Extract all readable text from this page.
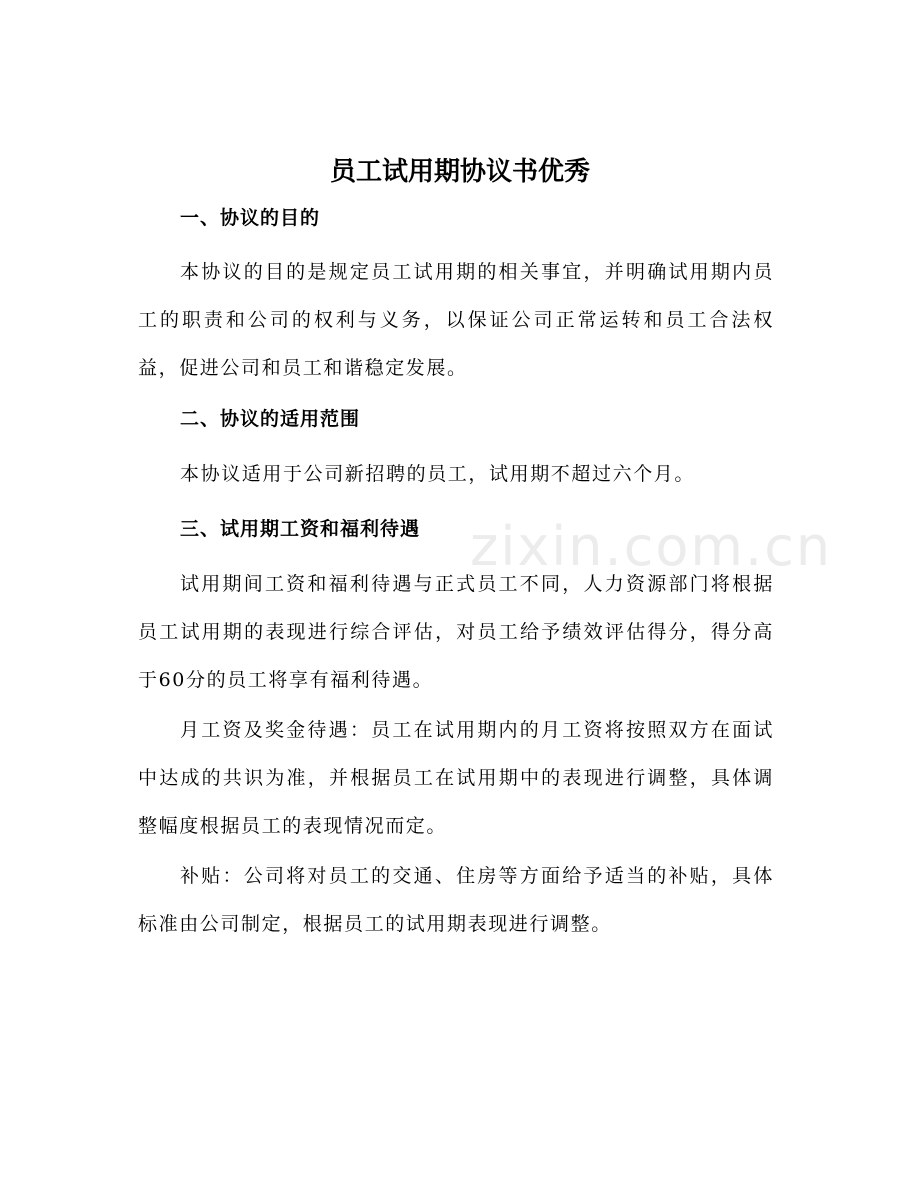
员工试用期协议书优秀
一、协议的目的
本协议的目的是规定员工试用期的相关事宜，并明确试用期内员工的职责和公司的权利与义务，以保证公司正常运转和员工合法权益，促进公司和员工和谐稳定发展。
二、协议的适用范围
本协议适用于公司新招聘的员工，试用期不超过六个月。
三、试用期工资和福利待遇
试用期间工资和福利待遇与正式员工不同，人力资源部门将根据员工试用期的表现进行综合评估，对员工给予绩效评估得分，得分高于60分的员工将享有福利待遇。
月工资及奖金待遇：员工在试用期内的月工资将按照双方在面试中达成的共识为准，并根据员工在试用期中的表现进行调整，具体调整幅度根据员工的表现情况而定。
补贴：公司将对员工的交通、住房等方面给予适当的补贴，具体标准由公司制定，根据员工的试用期表现进行调整。
zixin.com.cn
